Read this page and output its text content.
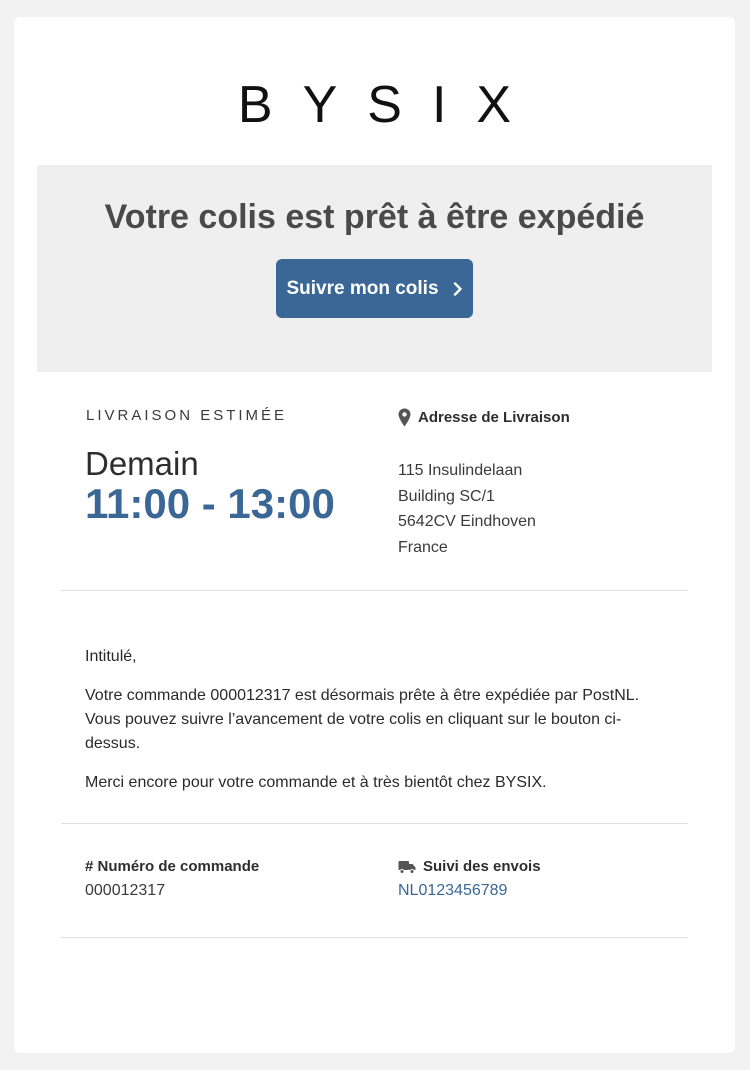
BYSIX
Votre colis est prêt à être expédié
Suivre mon colis
LIVRAISON ESTIMÉE
Demain
11:00 - 13:00
Adresse de Livraison
115 Insulindelaan
Building SC/1
5642CV Eindhoven
France

Intitulé,

Votre commande 000012317 est désormais prête à être expédiée par PostNL. Vous pouvez suivre l’avancement de votre colis en cliquant sur le bouton ci-dessus.

Merci encore pour votre commande et à très bientôt chez BYSIX.

# Numéro de commande
000012317
Suivi des envois
NL0123456789
